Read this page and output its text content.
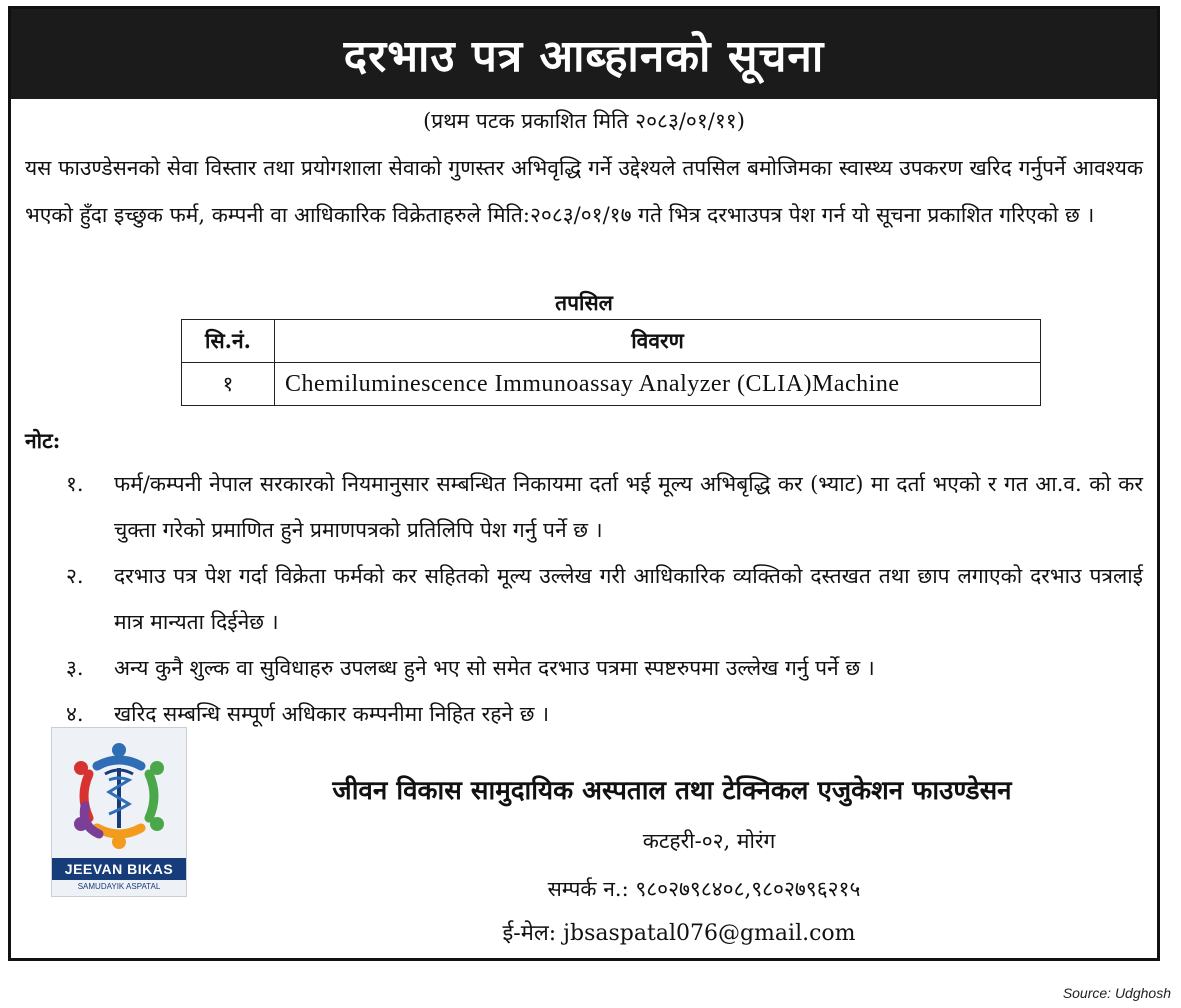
दरभाउ पत्र आब्हानको सूचना
(प्रथम पटक प्रकाशित मिति २०८३/०१/११)

यस फाउण्डेसनको सेवा विस्तार तथा प्रयोगशाला सेवाको गुणस्तर अभिवृद्धि गर्ने उद्देश्यले तपसिल बमोजिमका स्वास्थ्य उपकरण खरिद गर्नुपर्ने आवश्यक भएको हुँदा इच्छुक फर्म, कम्पनी वा आधिकारिक विक्रेताहरुले मिति:२०८३/०१/१७ गते भित्र दरभाउपत्र पेश गर्न यो सूचना प्रकाशित गरिएको छ ।

तपसिल
सि.नं.	विवरण
१	Chemiluminescence Immunoassay Analyzer (CLIA)Machine
नोट:
१.	फर्म/कम्पनी नेपाल सरकारको नियमानुसार सम्बन्धित निकायमा दर्ता भई मूल्य अभिबृद्धि कर (भ्याट) मा दर्ता भएको र गत आ.व. को कर चुक्ता गरेको प्रमाणित हुने प्रमाणपत्रको प्रतिलिपि पेश गर्नु पर्ने छ ।
२.	दरभाउ पत्र पेश गर्दा विक्रेता फर्मको कर सहितको मूल्य उल्लेख गरी आधिकारिक व्यक्तिको दस्तखत तथा छाप लगाएको दरभाउ पत्रलाई मात्र मान्यता दिईनेछ ।
३.	अन्य कुनै शुल्क वा सुविधाहरु उपलब्ध हुने भए सो समेत दरभाउ पत्रमा स्पष्टरुपमा उल्लेख गर्नु पर्ने छ ।
४.	खरिद सम्बन्धि सम्पूर्ण अधिकार कम्पनीमा निहित रहने छ ।
JEEVAN BIKAS
SAMUDAYIK ASPATAL
जीवन विकास सामुदायिक अस्पताल तथा टेक्निकल एजुकेशन फाउण्डेसन
कटहरी-०२, मोरंग
सम्पर्क न.: ९८०२७९८४०८,९८०२७९६२१५
ई-मेल: jbsaspatal076@gmail.com
Source: Udghosh
